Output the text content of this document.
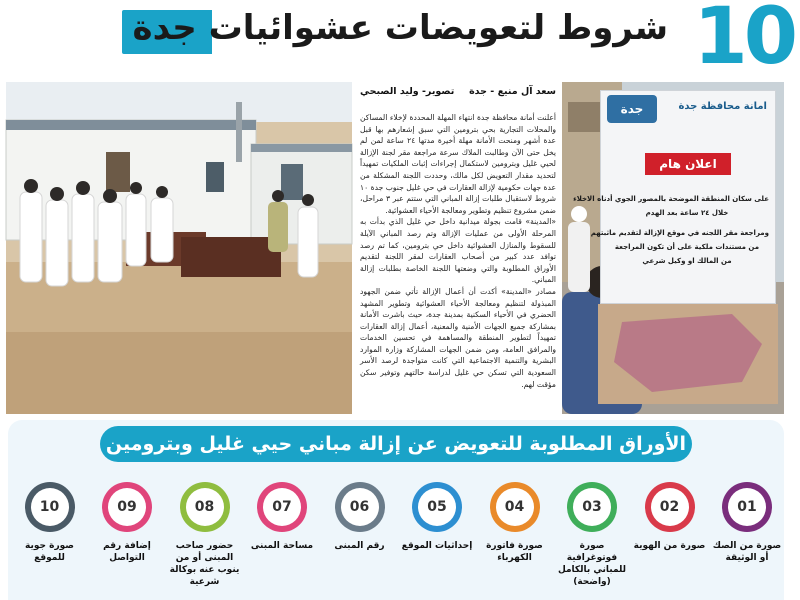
شروط لتعويضات عشوائيات جدة 10
سعد آل منيع - جدة
تصوير- وليد الصبحي

أعلنت أمانة محافظة جدة انتهاء المهلة المحددة لإخلاء المساكن والمحلات التجارية بحي بترومين التي سبق إشعارهم بها قبل عدة أشهر ومنحت الأمانة مهلة أخيرة مدتها ٢٤ ساعة لمن لم يخل حتى الآن وطالبت الملاك سرعة مراجعة مقر لجنة الإزالة لحيي غليل وبترومين لاستكمال إجراءات إثبات الملكيات تمهيداً لتحديد مقدار التعويض لكل مالك، وحددت اللجنة المشكلة من عدة جهات حكومية لإزالة العقارات في حي غليل جنوب جدة ١٠ شروط لاستقبال طلبات إزالة المباني التي ستتم عبر ٣ مراحل، ضمن مشروع تنظيم وتطوير ومعالجة الأحياء العشوائية.

«المدينة» قامت بجولة ميدانية داخل حي غليل الذي بدأت به المرحلة الأولى من عمليات الإزالة وتم رصد المباني الآيلة للسقوط والمنازل العشوائية داخل حي بترومين، كما تم رصد توافد عدد كبير من أصحاب العقارات لمقر اللجنة لتقديم الأوراق المطلوبة والتي وضعتها اللجنة الخاصة بطلبات إزالة المباني.

مصادر «المدينة» أكدت أن أعمال الإزالة تأتي ضمن الجهود المبذولة لتنظيم ومعالجة الأحياء العشوائية وتطوير المشهد الحضري في الأحياء السكنية بمدينة جدة، حيث باشرت الأمانة بمشاركة جميع الجهات الأمنية والمعنية، أعمال إزالة العقارات تمهيداً لتطوير المنطقة والمساهمة في تحسين الخدمات والمرافق العامة، ومن ضمن الجهات المشاركة وزارة الموارد البشرية والتنمية الاجتماعية التي كانت متواجدة لرصد الأسر السعودية التي تسكن حي غليل لدراسة حالتهم وتوفير سكن مؤقت لهم.

جدة	امانة محافظة جدة
اعلان هام
على سكان المنطقة الموضحة بالمصور الجوي أدناه الاخلاء
خلال ٢٤ ساعة بعد الهدم
ومراجعة مقر اللجنه في موقع الإزالة لتقديم ماثبتهم
من مستندات ملكية على أن تكون المراجعة
من المالك او وكيل شرعي
الأوراق المطلوبة للتعويض عن إزالة مباني حيي غليل وبترومين
01
صورة من الصك أو الوثيقة
02
صورة من الهوية
03
صورة فوتوغرافية للمباني بالكامل (واضحة)
04
صورة فاتورة الكهرباء
05
إحداثيات الموقع
06
رقم المبنى
07
مساحة المبنى
08
حضور صاحب المبنى أو من ينوب عنه بوكالة شرعية
09
إضافة رقم التواصل
10
صورة جوية للموقع
